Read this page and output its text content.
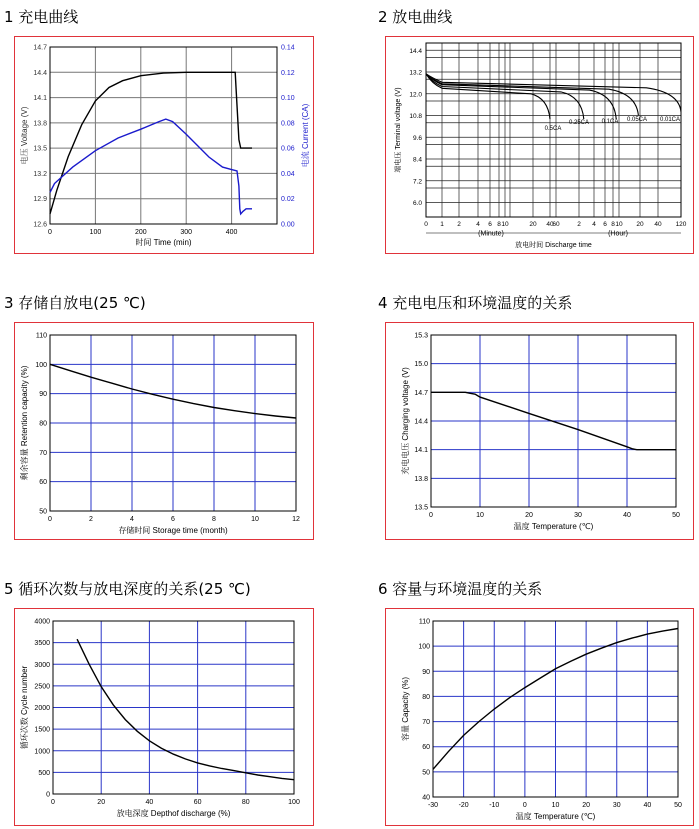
1 充电曲线	2 放电曲线
3 存储自放电(25 ℃)	4 充电电压和环境温度的关系
5 循环次数与放电深度的关系(25 ℃)	6 容量与环境温度的关系
0	100	200	300	400
12.6
12.9
13.2
13.5
13.8
14.1
14.4
14.7
0.00
0.02
0.04
0.06
0.08
0.10
0.12
0.14
时间 Time (min)
电压 Voltage (V)	电流 Current (CA)
6.0
7.2
8.4
9.6
10.8
12.0
13.2
14.4
0 1 2 4 6 8 10	20 40
60	2 4 6 8 10 20 40 120
(Minute)	(Hour)
放电时间 Discharge time
端电压 Terminal voltage (V)	0.5CA
0.25CA 0.1CA 0.05CA 0.01CA
0	2	4	6	8	10	12
50
60
70
80
90
100
110
存储时间 Storage time (month)
剩余容量 Retention capacity (%)
0	10	20	30	40	50
13.5
13.8
14.1
14.4
14.7
15.0
15.3
温度 Temperature (℃)
充电电压 Charging voltage (V)
0	20	40	60	80	100
0
500
1000
1500
2000
2500
3000
3500
4000
放电深度 Depthof discharge (%)
循环次数 Cycle number
-30	-20	-10	0	10	20	30	40	50
40
50
60
70
80
90
100
110
温度 Temperature (℃)
容量 Capacity (%)
